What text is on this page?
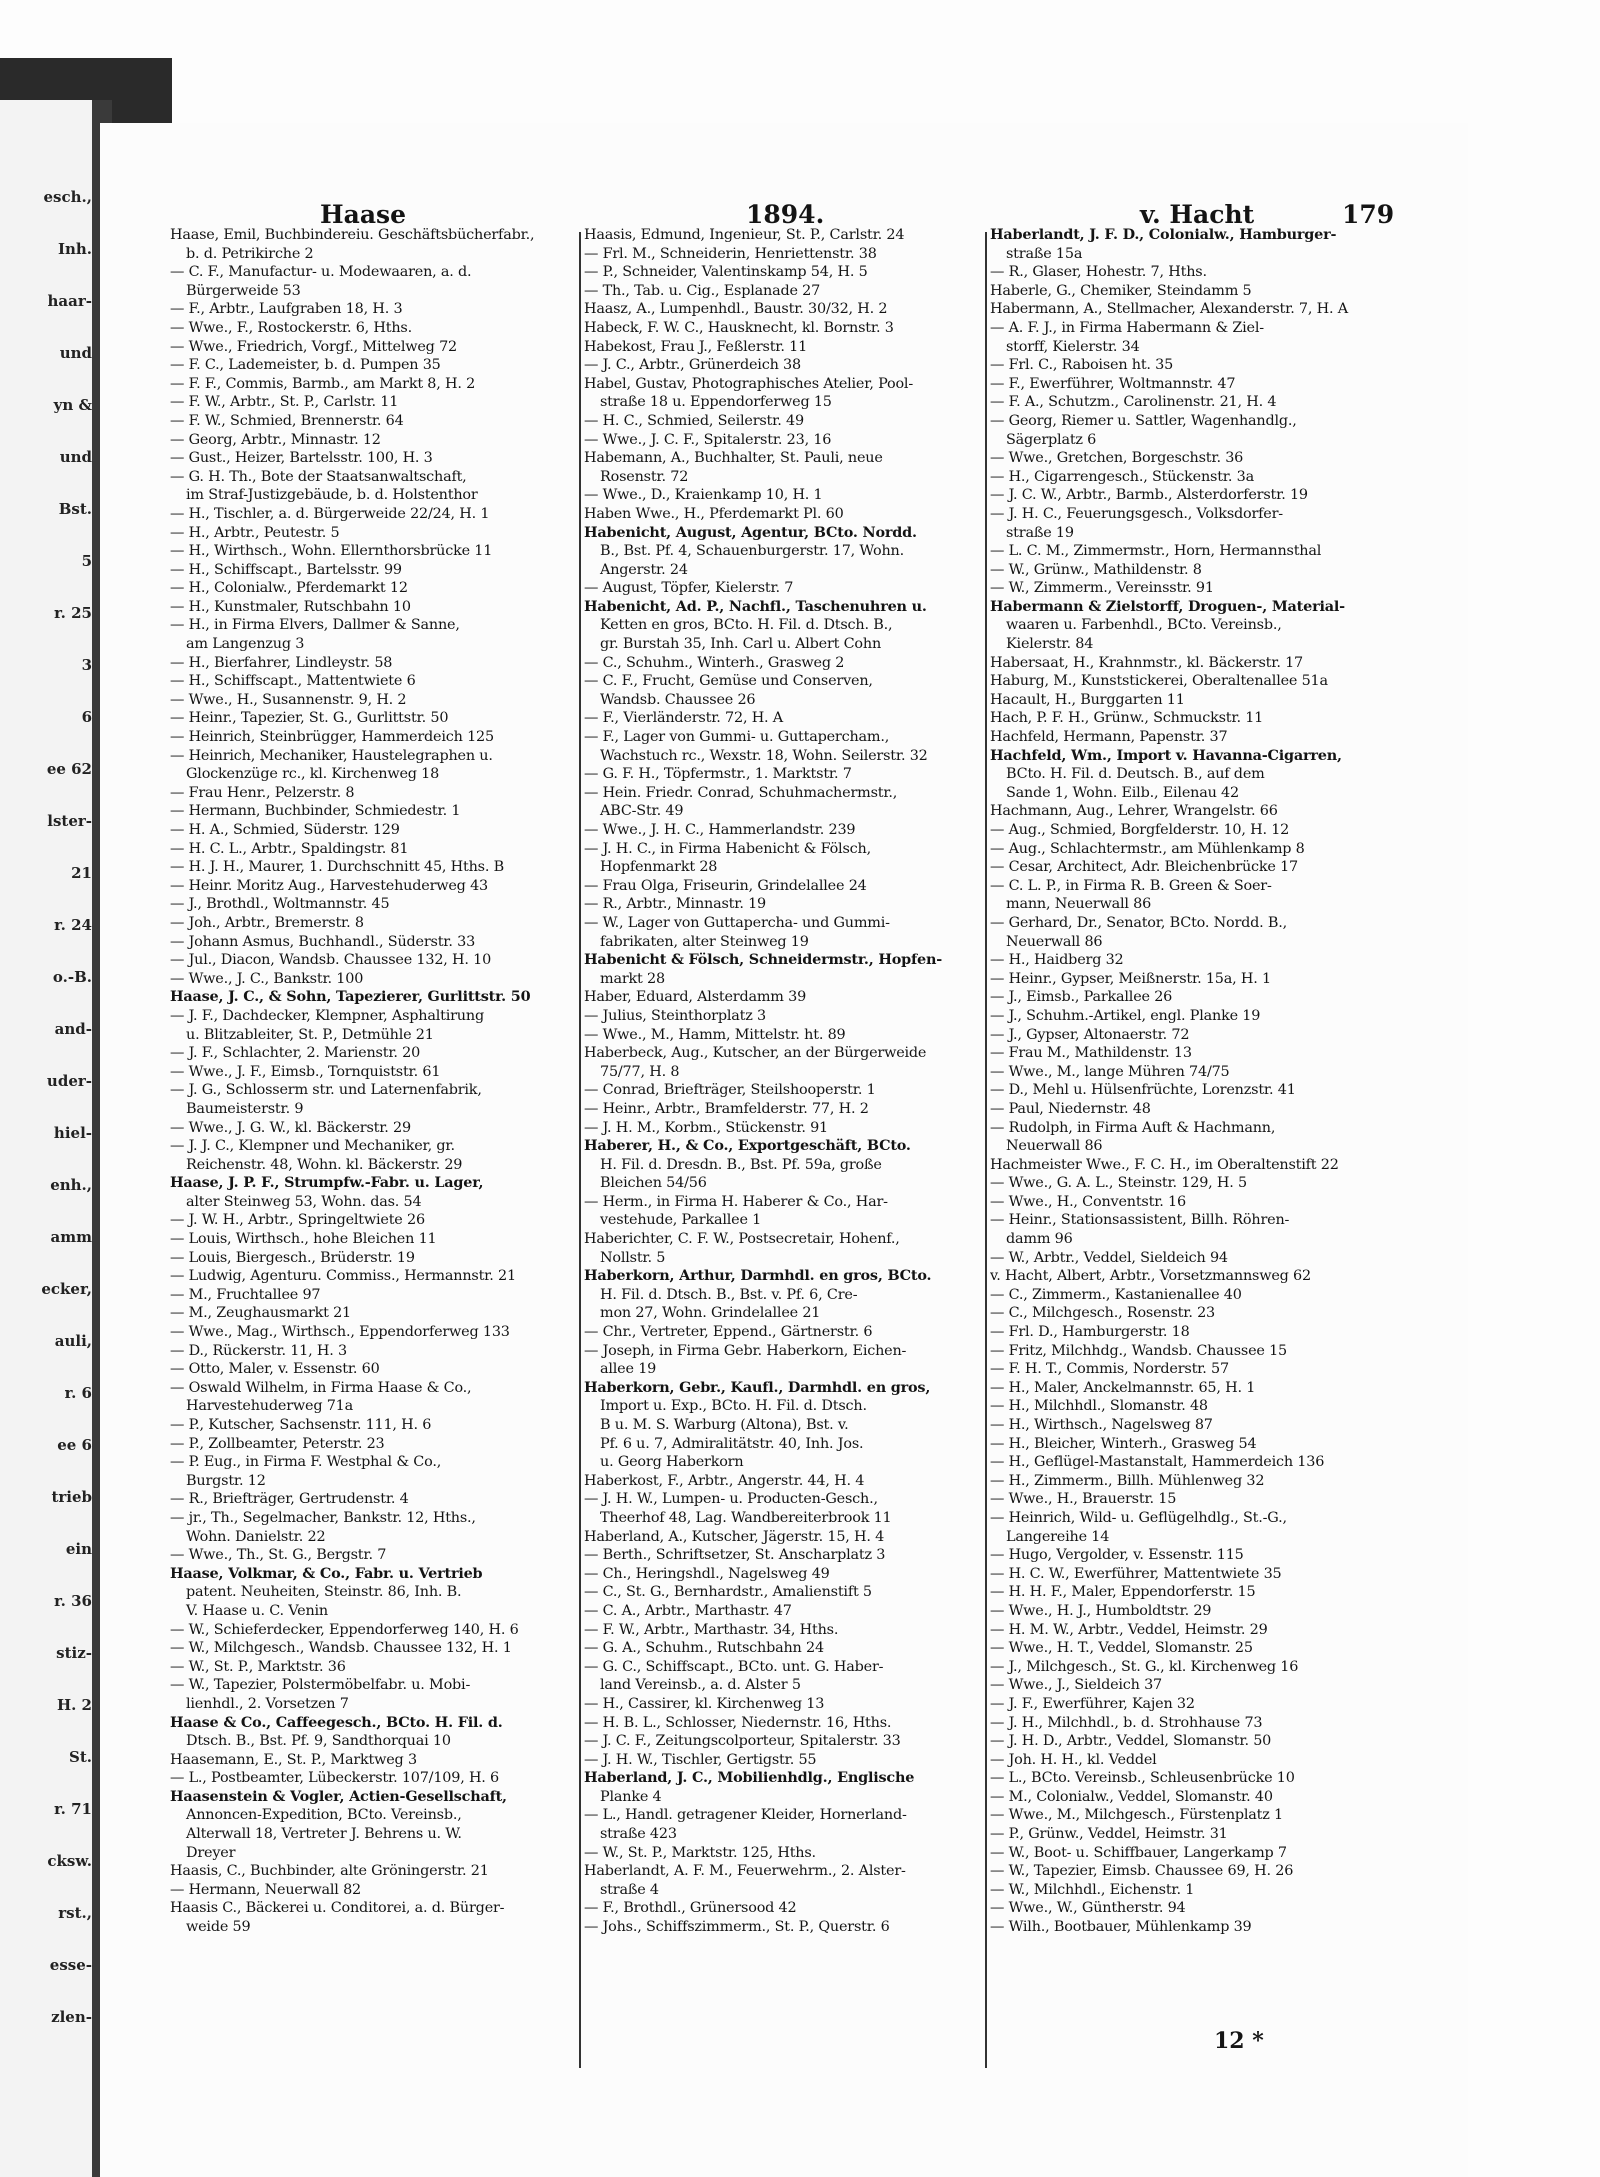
esch.,
Inh.
haar-
und
yn &
und
Bst.
5
r. 25
3
6
ee 62
lster-
21
r. 24
o.-B.
and-
uder-
hiel-
enh.,
amm
ecker,
auli,
r. 6
ee 6
trieb
ein
r. 36
stiz-
H. 2
St.
r. 71
cksw.
rst.,
esse-
zlen-
Haase	1894.	v. Hacht	179
Haase, Emil, Buchbindereiu. Geschäftsbücherfabr.,
b. d. Petrikirche 2
— C. F., Manufactur- u. Modewaaren, a. d.
Bürgerweide 53
— F., Arbtr., Laufgraben 18, H. 3
— Wwe., F., Rostockerstr. 6, Hths.
— Wwe., Friedrich, Vorgf., Mittelweg 72
— F. C., Lademeister, b. d. Pumpen 35
— F. F., Commis, Barmb., am Markt 8, H. 2
— F. W., Arbtr., St. P., Carlstr. 11
— F. W., Schmied, Brennerstr. 64
— Georg, Arbtr., Minnastr. 12
— Gust., Heizer, Bartelsstr. 100, H. 3
— G. H. Th., Bote der Staatsanwaltschaft,
im Straf-Justizgebäude, b. d. Holstenthor
— H., Tischler, a. d. Bürgerweide 22/24, H. 1
— H., Arbtr., Peutestr. 5
— H., Wirthsch., Wohn. Ellernthorsbrücke 11
— H., Schiffscapt., Bartelsstr. 99
— H., Colonialw., Pferdemarkt 12
— H., Kunstmaler, Rutschbahn 10
— H., in Firma Elvers, Dallmer & Sanne,
am Langenzug 3
— H., Bierfahrer, Lindleystr. 58
— H., Schiffscapt., Mattentwiete 6
— Wwe., H., Susannenstr. 9, H. 2
— Heinr., Tapezier, St. G., Gurlittstr. 50
— Heinrich, Steinbrügger, Hammerdeich 125
— Heinrich, Mechaniker, Haustelegraphen u.
Glockenzüge rc., kl. Kirchenweg 18
— Frau Henr., Pelzerstr. 8
— Hermann, Buchbinder, Schmiedestr. 1
— H. A., Schmied, Süderstr. 129
— H. C. L., Arbtr., Spaldingstr. 81
— H. J. H., Maurer, 1. Durchschnitt 45, Hths. B
— Heinr. Moritz Aug., Harvestehuderweg 43
— J., Brothdl., Woltmannstr. 45
— Joh., Arbtr., Bremerstr. 8
— Johann Asmus, Buchhandl., Süderstr. 33
— Jul., Diacon, Wandsb. Chaussee 132, H. 10
— Wwe., J. C., Bankstr. 100
Haase, J. C., & Sohn, Tapezierer, Gurlittstr. 50
— J. F., Dachdecker, Klempner, Asphaltirung
u. Blitzableiter, St. P., Detmühle 21
— J. F., Schlachter, 2. Marienstr. 20
— Wwe., J. F., Eimsb., Tornquiststr. 61
— J. G., Schlosserm str. und Laternenfabrik,
Baumeisterstr. 9
— Wwe., J. G. W., kl. Bäckerstr. 29
— J. J. C., Klempner und Mechaniker, gr.
Reichenstr. 48, Wohn. kl. Bäckerstr. 29
Haase, J. P. F., Strumpfw.-Fabr. u. Lager,
alter Steinweg 53, Wohn. das. 54
— J. W. H., Arbtr., Springeltwiete 26
— Louis, Wirthsch., hohe Bleichen 11
— Louis, Biergesch., Brüderstr. 19
— Ludwig, Agenturu. Commiss., Hermannstr. 21
— M., Fruchtallee 97
— M., Zeughausmarkt 21
— Wwe., Mag., Wirthsch., Eppendorferweg 133
— D., Rückerstr. 11, H. 3
— Otto, Maler, v. Essenstr. 60
— Oswald Wilhelm, in Firma Haase & Co.,
Harvestehuderweg 71a
— P., Kutscher, Sachsenstr. 111, H. 6
— P., Zollbeamter, Peterstr. 23
— P. Eug., in Firma F. Westphal & Co.,
Burgstr. 12
— R., Briefträger, Gertrudenstr. 4
— jr., Th., Segelmacher, Bankstr. 12, Hths.,
Wohn. Danielstr. 22
— Wwe., Th., St. G., Bergstr. 7
Haase, Volkmar, & Co., Fabr. u. Vertrieb
patent. Neuheiten, Steinstr. 86, Inh. B.
V. Haase u. C. Venin
— W., Schieferdecker, Eppendorferweg 140, H. 6
— W., Milchgesch., Wandsb. Chaussee 132, H. 1
— W., St. P., Marktstr. 36
— W., Tapezier, Polstermöbelfabr. u. Mobi-
lienhdl., 2. Vorsetzen 7
Haase & Co., Caffeegesch., BCto. H. Fil. d.
Dtsch. B., Bst. Pf. 9, Sandthorquai 10
Haasemann, E., St. P., Marktweg 3
— L., Postbeamter, Lübeckerstr. 107/109, H. 6
Haasenstein & Vogler, Actien-Gesellschaft,
Annoncen-Expedition, BCto. Vereinsb.,
Alterwall 18, Vertreter J. Behrens u. W.
Dreyer
Haasis, C., Buchbinder, alte Gröningerstr. 21
— Hermann, Neuerwall 82
Haasis C., Bäckerei u. Conditorei, a. d. Bürger-
weide 59
Haasis, Edmund, Ingenieur, St. P., Carlstr. 24
— Frl. M., Schneiderin, Henriettenstr. 38
— P., Schneider, Valentinskamp 54, H. 5
— Th., Tab. u. Cig., Esplanade 27
Haasz, A., Lumpenhdl., Baustr. 30/32, H. 2
Habeck, F. W. C., Hausknecht, kl. Bornstr. 3
Habekost, Frau J., Feßlerstr. 11
— J. C., Arbtr., Grünerdeich 38
Habel, Gustav, Photographisches Atelier, Pool-
straße 18 u. Eppendorferweg 15
— H. C., Schmied, Seilerstr. 49
— Wwe., J. C. F., Spitalerstr. 23, 16
Habemann, A., Buchhalter, St. Pauli, neue
Rosenstr. 72
— Wwe., D., Kraienkamp 10, H. 1
Haben Wwe., H., Pferdemarkt Pl. 60
Habenicht, August, Agentur, BCto. Nordd.
B., Bst. Pf. 4, Schauenburgerstr. 17, Wohn.
Angerstr. 24
— August, Töpfer, Kielerstr. 7
Habenicht, Ad. P., Nachfl., Taschenuhren u.
Ketten en gros, BCto. H. Fil. d. Dtsch. B.,
gr. Burstah 35, Inh. Carl u. Albert Cohn
— C., Schuhm., Winterh., Grasweg 2
— C. F., Frucht, Gemüse und Conserven,
Wandsb. Chaussee 26
— F., Vierländerstr. 72, H. A
— F., Lager von Gummi- u. Guttapercham.,
Wachstuch rc., Wexstr. 18, Wohn. Seilerstr. 32
— G. F. H., Töpfermstr., 1. Marktstr. 7
— Hein. Friedr. Conrad, Schuhmachermstr.,
ABC-Str. 49
— Wwe., J. H. C., Hammerlandstr. 239
— J. H. C., in Firma Habenicht & Fölsch,
Hopfenmarkt 28
— Frau Olga, Friseurin, Grindelallee 24
— R., Arbtr., Minnastr. 19
— W., Lager von Guttapercha- und Gummi-
fabrikaten, alter Steinweg 19
Habenicht & Fölsch, Schneidermstr., Hopfen-
markt 28
Haber, Eduard, Alsterdamm 39
— Julius, Steinthorplatz 3
— Wwe., M., Hamm, Mittelstr. ht. 89
Haberbeck, Aug., Kutscher, an der Bürgerweide
75/77, H. 8
— Conrad, Briefträger, Steilshooperstr. 1
— Heinr., Arbtr., Bramfelderstr. 77, H. 2
— J. H. M., Korbm., Stückenstr. 91
Haberer, H., & Co., Exportgeschäft, BCto.
H. Fil. d. Dresdn. B., Bst. Pf. 59a, große
Bleichen 54/56
— Herm., in Firma H. Haberer & Co., Har-
vestehude, Parkallee 1
Haberichter, C. F. W., Postsecretair, Hohenf.,
Nollstr. 5
Haberkorn, Arthur, Darmhdl. en gros, BCto.
H. Fil. d. Dtsch. B., Bst. v. Pf. 6, Cre-
mon 27, Wohn. Grindelallee 21
— Chr., Vertreter, Eppend., Gärtnerstr. 6
— Joseph, in Firma Gebr. Haberkorn, Eichen-
allee 19
Haberkorn, Gebr., Kaufl., Darmhdl. en gros,
Import u. Exp., BCto. H. Fil. d. Dtsch.
B u. M. S. Warburg (Altona), Bst. v.
Pf. 6 u. 7, Admiralitätstr. 40, Inh. Jos.
u. Georg Haberkorn
Haberkost, F., Arbtr., Angerstr. 44, H. 4
— J. H. W., Lumpen- u. Producten-Gesch.,
Theerhof 48, Lag. Wandbereiterbrook 11
Haberland, A., Kutscher, Jägerstr. 15, H. 4
— Berth., Schriftsetzer, St. Anscharplatz 3
— Ch., Heringshdl., Nagelsweg 49
— C., St. G., Bernhardstr., Amalienstift 5
— C. A., Arbtr., Marthastr. 47
— F. W., Arbtr., Marthastr. 34, Hths.
— G. A., Schuhm., Rutschbahn 24
— G. C., Schiffscapt., BCto. unt. G. Haber-
land Vereinsb., a. d. Alster 5
— H., Cassirer, kl. Kirchenweg 13
— H. B. L., Schlosser, Niedernstr. 16, Hths.
— J. C. F., Zeitungscolporteur, Spitalerstr. 33
— J. H. W., Tischler, Gertigstr. 55
Haberland, J. C., Mobilienhdlg., Englische
Planke 4
— L., Handl. getragener Kleider, Hornerland-
straße 423
— W., St. P., Marktstr. 125, Hths.
Haberlandt, A. F. M., Feuerwehrm., 2. Alster-
straße 4
— F., Brothdl., Grünersood 42
— Johs., Schiffszimmerm., St. P., Querstr. 6
Haberlandt, J. F. D., Colonialw., Hamburger-
straße 15a
— R., Glaser, Hohestr. 7, Hths.
Haberle, G., Chemiker, Steindamm 5
Habermann, A., Stellmacher, Alexanderstr. 7, H. A
— A. F. J., in Firma Habermann & Ziel-
storff, Kielerstr. 34
— Frl. C., Raboisen ht. 35
— F., Ewerführer, Woltmannstr. 47
— F. A., Schutzm., Carolinenstr. 21, H. 4
— Georg, Riemer u. Sattler, Wagenhandlg.,
Sägerplatz 6
— Wwe., Gretchen, Borgeschstr. 36
— H., Cigarrengesch., Stückenstr. 3a
— J. C. W., Arbtr., Barmb., Alsterdorferstr. 19
— J. H. C., Feuerungsgesch., Volksdorfer-
straße 19
— L. C. M., Zimmermstr., Horn, Hermannsthal
— W., Grünw., Mathildenstr. 8
— W., Zimmerm., Vereinsstr. 91
Habermann & Zielstorff, Droguen-, Material-
waaren u. Farbenhdl., BCto. Vereinsb.,
Kielerstr. 84
Habersaat, H., Krahnmstr., kl. Bäckerstr. 17
Haburg, M., Kunststickerei, Oberaltenallee 51a
Hacault, H., Burggarten 11
Hach, P. F. H., Grünw., Schmuckstr. 11
Hachfeld, Hermann, Papenstr. 37
Hachfeld, Wm., Import v. Havanna-Cigarren,
BCto. H. Fil. d. Deutsch. B., auf dem
Sande 1, Wohn. Eilb., Eilenau 42
Hachmann, Aug., Lehrer, Wrangelstr. 66
— Aug., Schmied, Borgfelderstr. 10, H. 12
— Aug., Schlachtermstr., am Mühlenkamp 8
— Cesar, Architect, Adr. Bleichenbrücke 17
— C. L. P., in Firma R. B. Green & Soer-
mann, Neuerwall 86
— Gerhard, Dr., Senator, BCto. Nordd. B.,
Neuerwall 86
— H., Haidberg 32
— Heinr., Gypser, Meißnerstr. 15a, H. 1
— J., Eimsb., Parkallee 26
— J., Schuhm.-Artikel, engl. Planke 19
— J., Gypser, Altonaerstr. 72
— Frau M., Mathildenstr. 13
— Wwe., M., lange Mühren 74/75
— D., Mehl u. Hülsenfrüchte, Lorenzstr. 41
— Paul, Niedernstr. 48
— Rudolph, in Firma Auft & Hachmann,
Neuerwall 86
Hachmeister Wwe., F. C. H., im Oberaltenstift 22
— Wwe., G. A. L., Steinstr. 129, H. 5
— Wwe., H., Conventstr. 16
— Heinr., Stationsassistent, Billh. Röhren-
damm 96
— W., Arbtr., Veddel, Sieldeich 94
v. Hacht, Albert, Arbtr., Vorsetzmannsweg 62
— C., Zimmerm., Kastanienallee 40
— C., Milchgesch., Rosenstr. 23
— Frl. D., Hamburgerstr. 18
— Fritz, Milchhdg., Wandsb. Chaussee 15
— F. H. T., Commis, Norderstr. 57
— H., Maler, Anckelmannstr. 65, H. 1
— H., Milchhdl., Slomanstr. 48
— H., Wirthsch., Nagelsweg 87
— H., Bleicher, Winterh., Grasweg 54
— H., Geflügel-Mastanstalt, Hammerdeich 136
— H., Zimmerm., Billh. Mühlenweg 32
— Wwe., H., Brauerstr. 15
— Heinrich, Wild- u. Geflügelhdlg., St.-G.,
Langereihe 14
— Hugo, Vergolder, v. Essenstr. 115
— H. C. W., Ewerführer, Mattentwiete 35
— H. H. F., Maler, Eppendorferstr. 15
— Wwe., H. J., Humboldtstr. 29
— H. M. W., Arbtr., Veddel, Heimstr. 29
— Wwe., H. T., Veddel, Slomanstr. 25
— J., Milchgesch., St. G., kl. Kirchenweg 16
— Wwe., J., Sieldeich 37
— J. F., Ewerführer, Kajen 32
— J. H., Milchhdl., b. d. Strohhause 73
— J. H. D., Arbtr., Veddel, Slomanstr. 50
— Joh. H. H., kl. Veddel
— L., BCto. Vereinsb., Schleusenbrücke 10
— M., Colonialw., Veddel, Slomanstr. 40
— Wwe., M., Milchgesch., Fürstenplatz 1
— P., Grünw., Veddel, Heimstr. 31
— W., Boot- u. Schiffbauer, Langerkamp 7
— W., Tapezier, Eimsb. Chaussee 69, H. 26
— W., Milchhdl., Eichenstr. 1
— Wwe., W., Güntherstr. 94
— Wilh., Bootbauer, Mühlenkamp 39
12 *
